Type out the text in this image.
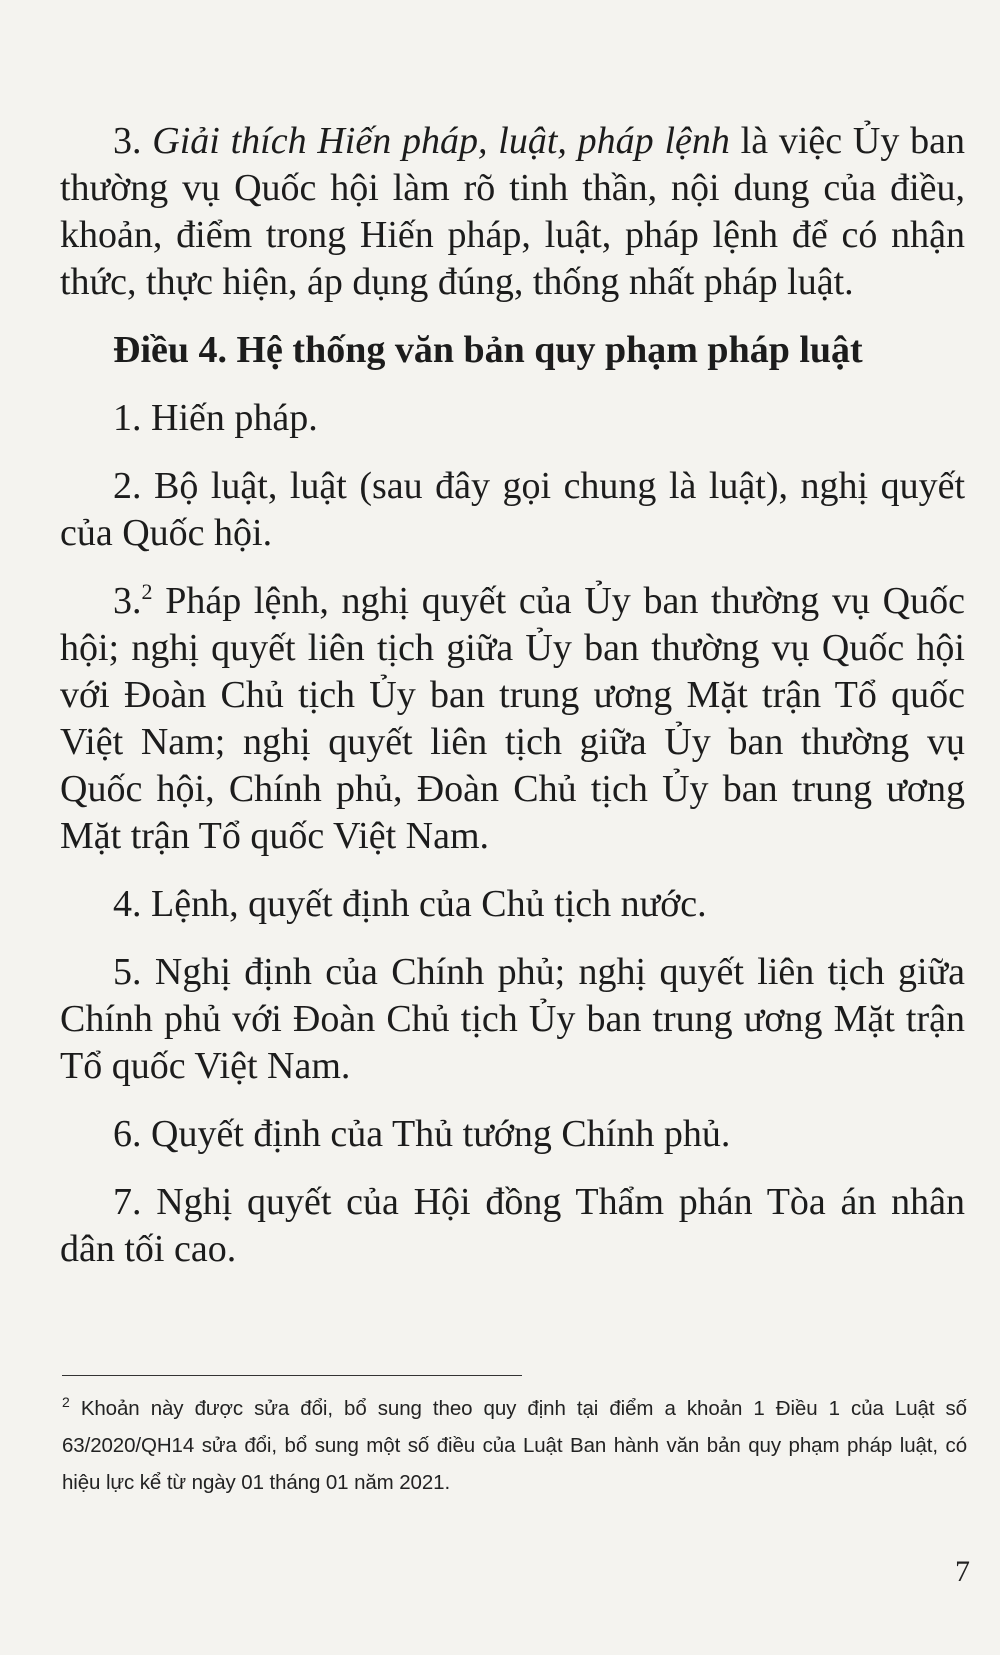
3. Giải thích Hiến pháp, luật, pháp lệnh là việc Ủy ban thường vụ Quốc hội làm rõ tinh thần, nội dung của điều, khoản, điểm trong Hiến pháp, luật, pháp lệnh để có nhận thức, thực hiện, áp dụng đúng, thống nhất pháp luật.

Điều 4. Hệ thống văn bản quy phạm pháp luật

1. Hiến pháp.

2. Bộ luật, luật (sau đây gọi chung là luật), nghị quyết của Quốc hội.

3.$^2$ Pháp lệnh, nghị quyết của Ủy ban thường vụ Quốc hội; nghị quyết liên tịch giữa Ủy ban thường vụ Quốc hội với Đoàn Chủ tịch Ủy ban trung ương Mặt trận Tổ quốc Việt Nam; nghị quyết liên tịch giữa Ủy ban thường vụ Quốc hội, Chính phủ, Đoàn Chủ tịch Ủy ban trung ương Mặt trận Tổ quốc Việt Nam.

4. Lệnh, quyết định của Chủ tịch nước.

5. Nghị định của Chính phủ; nghị quyết liên tịch giữa Chính phủ với Đoàn Chủ tịch Ủy ban trung ương Mặt trận Tổ quốc Việt Nam.

6. Quyết định của Thủ tướng Chính phủ.

7. Nghị quyết của Hội đồng Thẩm phán Tòa án nhân dân tối cao.

$^2$ Khoản này được sửa đổi, bổ sung theo quy định tại điểm a khoản 1 Điều 1 của Luật số 63/2020/QH14 sửa đổi, bổ sung một số điều của Luật Ban hành văn bản quy phạm pháp luật, có hiệu lực kể từ ngày 01 tháng 01 năm 2021.
7
